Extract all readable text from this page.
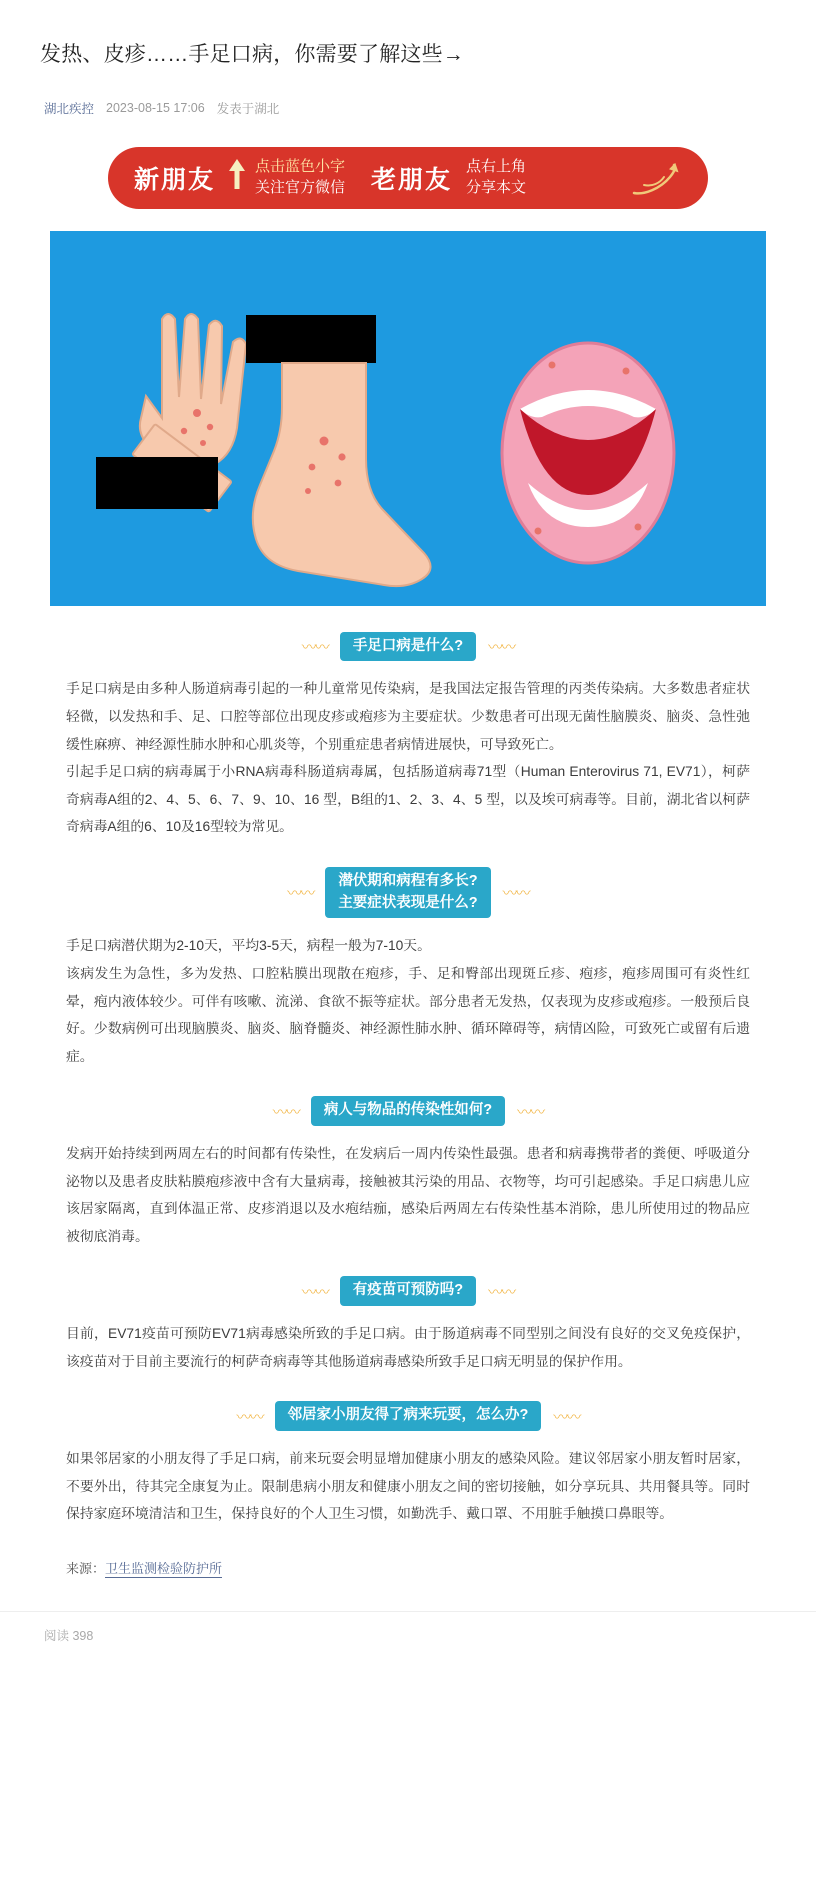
发热、皮疹……手足口病，你需要了解这些→
湖北疾控 2023-08-15 17:06 发表于湖北
新朋友	点击蓝色小字
关注官方微信 老朋友 点右上角
分享本文
〰〰 手足口病是什么? 〰〰

手足口病是由多种人肠道病毒引起的一种儿童常见传染病，是我国法定报告管理的丙类传染病。大多数患者症状轻微，以发热和手、足、口腔等部位出现皮疹或疱疹为主要症状。少数患者可出现无菌性脑膜炎、脑炎、急性弛缓性麻痹、神经源性肺水肿和心肌炎等，个别重症患者病情进展快，可导致死亡。

引起手足口病的病毒属于小RNA病毒科肠道病毒属，包括肠道病毒71型（Human Enterovirus 71, EV71），柯萨奇病毒A组的2、4、5、6、7、9、10、16 型，B组的1、2、3、4、5 型，以及埃可病毒等。目前，湖北省以柯萨奇病毒A组的6、10及16型较为常见。

〰〰
潜伏期和病程有多长?
主要症状表现是什么?
〰〰

手足口病潜伏期为2-10天，平均3-5天，病程一般为7-10天。

该病发生为急性，多为发热、口腔粘膜出现散在疱疹，手、足和臀部出现斑丘疹、疱疹，疱疹周围可有炎性红晕，疱内液体较少。可伴有咳嗽、流涕、食欲不振等症状。部分患者无发热，仅表现为皮疹或疱疹。一般预后良好。少数病例可出现脑膜炎、脑炎、脑脊髓炎、神经源性肺水肿、循环障碍等，病情凶险，可致死亡或留有后遗症。

〰〰 病人与物品的传染性如何? 〰〰

发病开始持续到两周左右的时间都有传染性，在发病后一周内传染性最强。患者和病毒携带者的粪便、呼吸道分泌物以及患者皮肤粘膜疱疹液中含有大量病毒，接触被其污染的用品、衣物等，均可引起感染。手足口病患儿应该居家隔离，直到体温正常、皮疹消退以及水疱结痂，感染后两周左右传染性基本消除，患儿所使用过的物品应被彻底消毒。

〰〰 有疫苗可预防吗? 〰〰

目前，EV71疫苗可预防EV71病毒感染所致的手足口病。由于肠道病毒不同型别之间没有良好的交叉免疫保护，该疫苗对于目前主要流行的柯萨奇病毒等其他肠道病毒感染所致手足口病无明显的保护作用。

〰〰 邻居家小朋友得了病来玩耍，怎么办? 〰〰

如果邻居家的小朋友得了手足口病，前来玩耍会明显增加健康小朋友的感染风险。建议邻居家小朋友暂时居家，不要外出，待其完全康复为止。限制患病小朋友和健康小朋友之间的密切接触，如分享玩具、共用餐具等。同时保持家庭环境清洁和卫生，保持良好的个人卫生习惯，如勤洗手、戴口罩、不用脏手触摸口鼻眼等。

来源：卫生监测检验防护所
阅读 398
